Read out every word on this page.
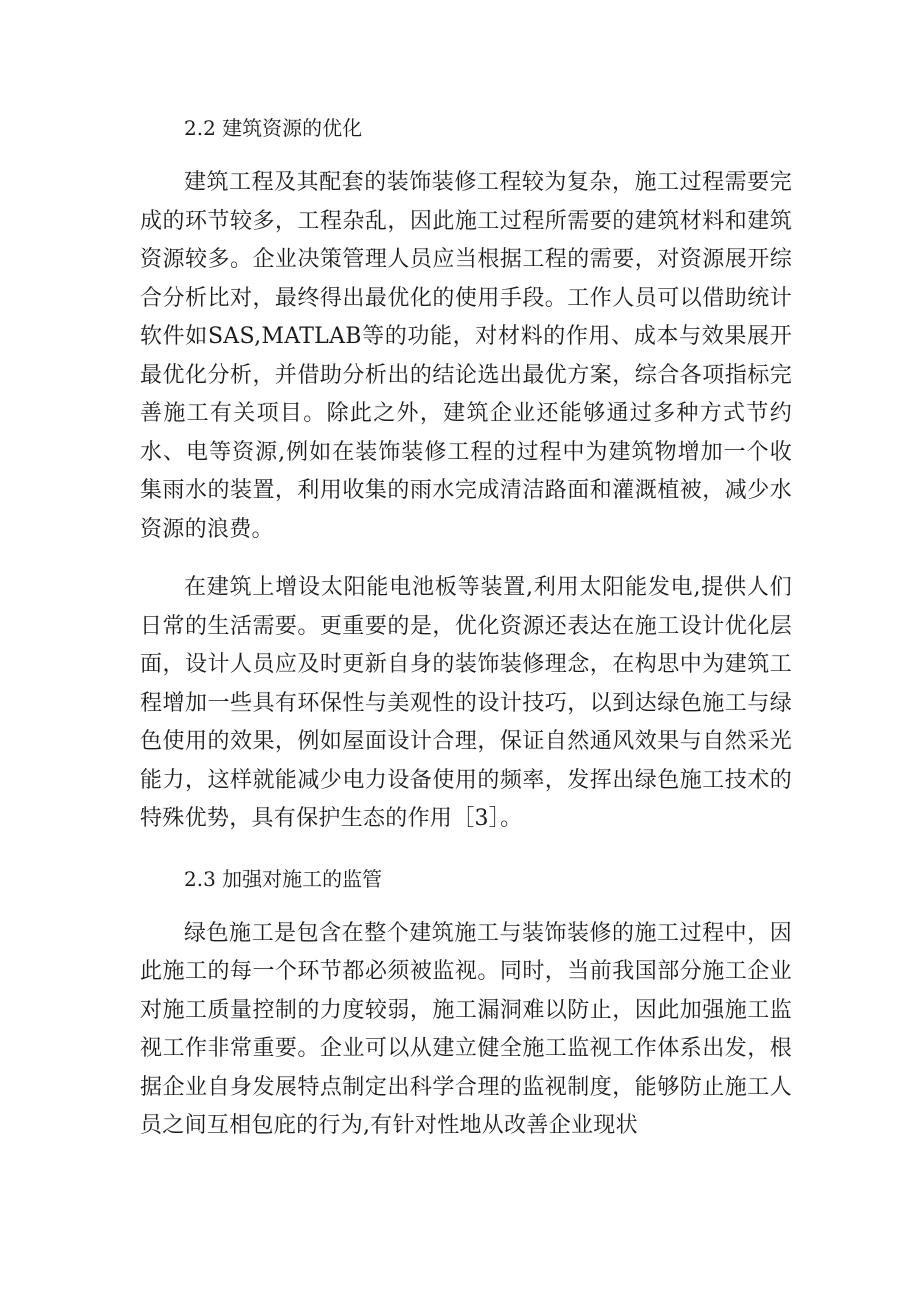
2.2 建筑资源的优化

建筑工程及其配套的装饰装修工程较为复杂，施工过程需要完成的环节较多，工程杂乱，因此施工过程所需要的建筑材料和建筑资源较多。企业决策管理人员应当根据工程的需要，对资源展开综合分析比对，最终得出最优化的使用手段。工作人员可以借助统计软件如SAS,MATLAB等的功能，对材料的作用、成本与效果展开最优化分析，并借助分析出的结论选出最优方案，综合各项指标完善施工有关项目。除此之外，建筑企业还能够通过多种方式节约水、电等资源,例如在装饰装修工程的过程中为建筑物增加一个收集雨水的装置，利用收集的雨水完成清洁路面和灌溉植被，减少水资源的浪费。

在建筑上增设太阳能电池板等装置,利用太阳能发电,提供人们日常的生活需要。更重要的是，优化资源还表达在施工设计优化层面，设计人员应及时更新自身的装饰装修理念，在构思中为建筑工程增加一些具有环保性与美观性的设计技巧，以到达绿色施工与绿色使用的效果，例如屋面设计合理，保证自然通风效果与自然采光能力，这样就能减少电力设备使用的频率，发挥出绿色施工技术的特殊优势，具有保护生态的作用［3］。

2.3 加强对施工的监管

绿色施工是包含在整个建筑施工与装饰装修的施工过程中，因此施工的每一个环节都必须被监视。同时，当前我国部分施工企业对施工质量控制的力度较弱，施工漏洞难以防止，因此加强施工监视工作非常重要。企业可以从建立健全施工监视工作体系出发，根据企业自身发展特点制定出科学合理的监视制度，能够防止施工人员之间互相包庇的行为,有针对性地从改善企业现状
